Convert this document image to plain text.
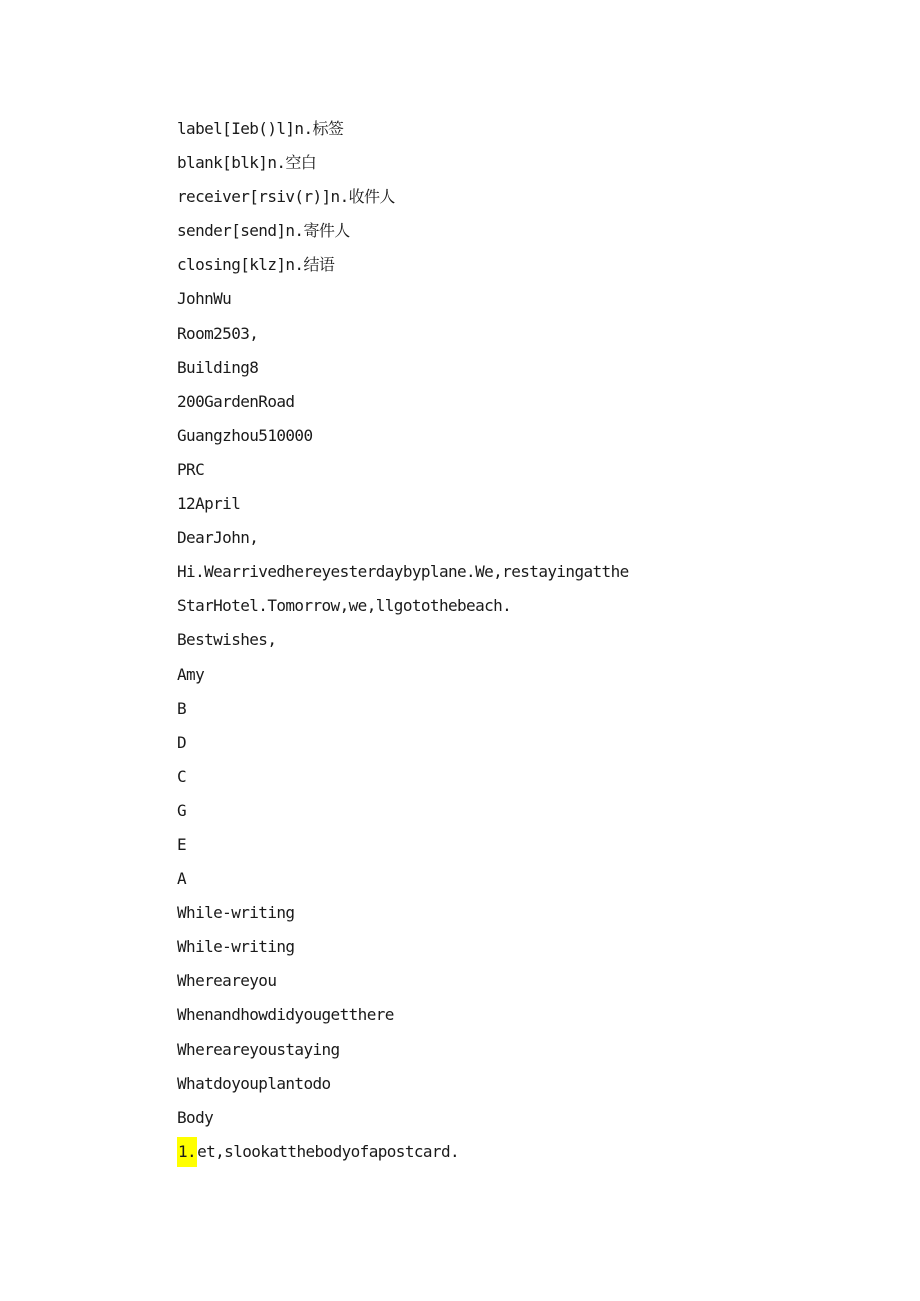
label[Ieb()l]n.标签
blank[blk]n.空白
receiver[rsiv(r)]n.收件人
sender[send]n.寄件人
closing[klz]n.结语
JohnWu
Room2503,
Building8
200GardenRoad
Guangzhou510000
PRC
12April
DearJohn,
Hi.Wearrivedhereyesterdaybyplane.We,restayingatthe
StarHotel.Tomorrow,we,llgotothebeach.
Bestwishes,
Amy
B
D
C
G
E
A
While-writing
While-writing
Whereareyou
Whenandhowdidyougetthere
Whereareyoustaying
Whatdoyouplantodo
Body
1.et,slookatthebodyofapostcard.
